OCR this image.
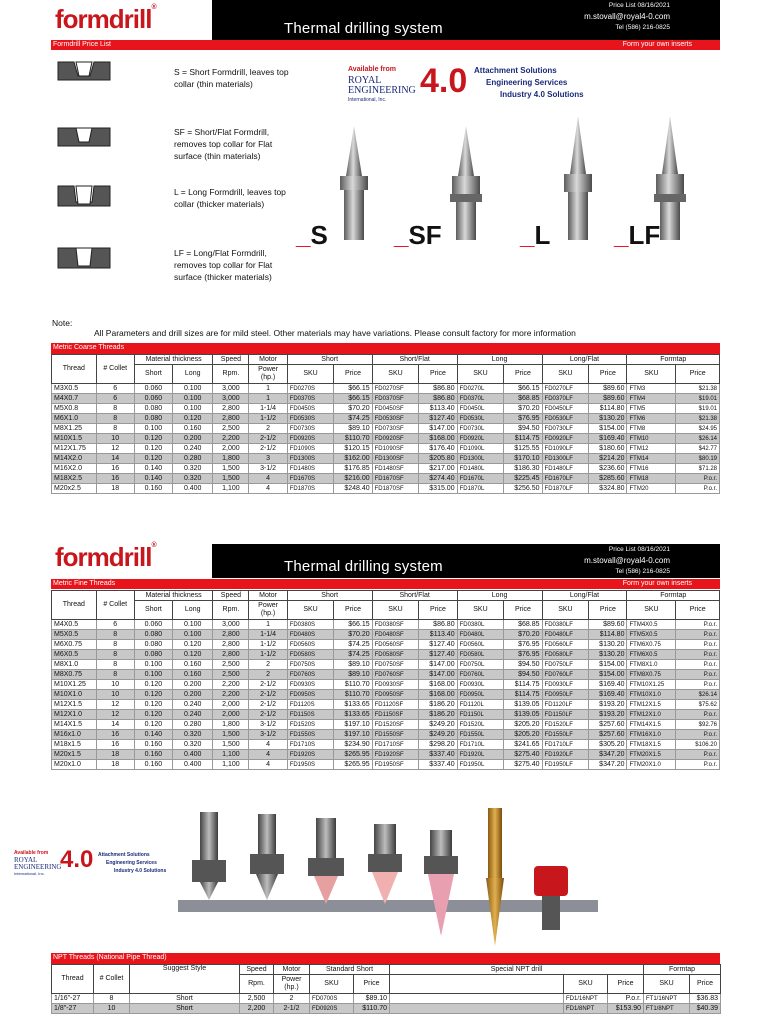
formdrill®
Thermal drilling system
Price List 08/16/2021
m.stovall@royal4-0.com
Tel (586) 216-0825
Formdrill Price List	Form your own inserts
S = Short Formdrill, leaves top collar (thin materials)
SF = Short/Flat Formdrill, removes top collar for Flat surface (thin materials)
L = Long Formdrill, leaves top collar (thicker materials)
LF = Long/Flat Formdrill, removes top collar for Flat surface (thicker materials)
Available from
ROYAL
ENGINEERING
International, Inc. 4.0 Attachment Solutions
Engineering Services
Industry 4.0 Solutions
_S	_SF	_L _LF
Note:
All Parameters and drill sizes are for mild steel. Other materials may have variations. Please consult factory for more information
Metric Coarse Threads
Thread	# Collet	Material thickness		Speed	Motor	Short		Short/Flat		Long		Long/Flat		Formtap	
		Short	Long	Rpm.	Power (hp.)	SKU	Price	SKU	Price	SKU	Price	SKU	Price	SKU	Price
M3X0.5	6	0.060	0.100	3,000	1	FD0270S	$66.15	FD0270SF	$86.80	FD0270L	$66.15	FD0270LF	$89.60	FTM3	$21.38
M4X0.7	6	0.060	0.100	3,000	1	FD0370S	$66.15	FD0370SF	$86.80	FD0370L	$68.85	FD0370LF	$89.60	FTM4	$19.01
M5X0.8	8	0.080	0.100	2,800	1-1/4	FD0450S	$70.20	FD0450SF	$113.40	FD0450L	$70.20	FD0450LF	$114.80	FTM5	$19.01
M6X1.0	8	0.080	0.120	2,800	1-1/2	FD0530S	$74.25	FD0530SF	$127.40	FD0530L	$76.95	FD0530LF	$130.20	FTM6	$21.38
M8X1.25	8	0.100	0.160	2,500	2	FD0730S	$89.10	FD0730SF	$147.00	FD0730L	$94.50	FD0730LF	$154.00	FTM8	$24.95
M10X1.5	10	0.120	0.200	2,200	2-1/2	FD0920S	$110.70	FD0920SF	$168.00	FD0920L	$114.75	FD0920LF	$169.40	FTM10	$26.14
M12X1.75	12	0.120	0.240	2,000	2-1/2	FD1090S	$120.15	FD1090SF	$176.40	FD1090L	$125.55	FD1090LF	$180.60	FTM12	$42.77
M14X2.0	14	0.120	0.280	1,800	3	FD1300S	$162.00	FD1300SF	$205.80	FD1300L	$170.10	FD1300LF	$214.20	FTM14	$80.19
M16X2.0	16	0.140	0.320	1,500	3-1/2	FD1480S	$176.85	FD1480SF	$217.00	FD1480L	$186.30	FD1480LF	$236.60	FTM16	$71.28
M18X2.5	16	0.140	0.320	1,500	4	FD1670S	$216.00	FD1670SF	$274.40	FD1670L	$225.45	FD1670LF	$285.60	FTM18	P.o.r.
M20x2.5	18	0.160	0.400	1,100	4	FD1870S	$248.40	FD1870SF	$315.00	FD1870L	$256.50	FD1870LF	$324.80	FTM20	P.o.r.
formdrill®
Thermal drilling system
Price List 08/16/2021
m.stovall@royal4-0.com
Tel (586) 216-0825
Metric Fine Threads	Form your own inserts
Thread	# Collet	Material thickness		Speed	Motor	Short		Short/Flat		Long		Long/Flat		Formtap	
		Short	Long	Rpm.	Power (hp.)	SKU	Price	SKU	Price	SKU	Price	SKU	Price	SKU	Price
M4X0.5	6	0.060	0.100	3,000	1	FD0380S	$66.15	FD0380SF	$86.80	FD0380L	$68.85	FD0380LF	$89.60	FTM4X0.5	P.o.r.
M5X0.5	8	0.080	0.100	2,800	1-1/4	FD0480S	$70.20	FD0480SF	$113.40	FD0480L	$70.20	FD0480LF	$114.80	FTM5X0.5	P.o.r.
M6X0.75	8	0.080	0.120	2,800	1-1/2	FD0560S	$74.25	FD0560SF	$127.40	FD0560L	$76.95	FD0560LF	$130.20	FTM6X0.75	P.o.r.
M6X0.5	8	0.080	0.120	2,800	1-1/2	FD0580S	$74.25	FD0580SF	$127.40	FD0580L	$76.95	FD0580LF	$130.20	FTM6X0.5	P.o.r.
M8X1.0	8	0.100	0.160	2,500	2	FD0750S	$89.10	FD0750SF	$147.00	FD0750L	$94.50	FD0750LF	$154.00	FTM8X1.0	P.o.r.
M8X0.75	8	0.100	0.160	2,500	2	FD0760S	$89.10	FD0760SF	$147.00	FD0760L	$94.50	FD0760LF	$154.00	FTM8X0.75	P.o.r.
M10X1.25	10	0.120	0.200	2,200	2-1/2	FD0930S	$110.70	FD0930SF	$168.00	FD0930L	$114.75	FD0930LF	$169.40	FTM10X1.25	P.o.r.
M10X1.0	10	0.120	0.200	2,200	2-1/2	FD0950S	$110.70	FD0950SF	$168.00	FD0950L	$114.75	FD0950LF	$169.40	FTM10X1.0	$26.14
M12X1.5	12	0.120	0.240	2,000	2-1/2	FD1120S	$133.65	FD1120SF	$186.20	FD1120L	$139.05	FD1120LF	$193.20	FTM12X1.5	$75.62
M12X1.0	12	0.120	0.240	2,000	2-1/2	FD1150S	$133.65	FD1150SF	$186.20	FD1150L	$139.05	FD1150LF	$193.20	FTM12X1.0	P.o.r.
M14X1.5	14	0.120	0.280	1,800	3-1/2	FD1520S	$197.10	FD1520SF	$249.20	FD1520L	$205.20	FD1520LF	$257.60	FTM14X1.5	$92.76
M16x1.0	16	0.140	0.320	1,500	3-1/2	FD1550S	$197.10	FD1550SF	$249.20	FD1550L	$205.20	FD1550LF	$257.60	FTM16X1.0	P.o.r.
M18x1.5	16	0.160	0.320	1,500	4	FD1710S	$234.90	FD1710SF	$298.20	FD1710L	$241.65	FD1710LF	$305.20	FTM18X1.5	$106.20
M20x1.5	18	0.160	0.400	1,100	4	FD1920S	$265.95	FD1920SF	$337.40	FD1920L	$275.40	FD1920LF	$347.20	FTM20X1.5	P.o.r.
M20x1.0	18	0.160	0.400	1,100	4	FD1950S	$265.95	FD1950SF	$337.40	FD1950L	$275.40	FD1950LF	$347.20	FTM20X1.0	P.o.r.
Available from
ROYAL
ENGINEERING
International, Inc.
4.0 Attachment Solutions
Engineering Services
Industry 4.0 Solutions
NPT Threads (National Pipe Thread)
Thread	# Collet	Suggest Style	Speed	Motor	Standard Short		Special NPT drill			Formtap	
			Rpm.	Power (hp.)	SKU	Price		SKU	Price	SKU	Price
1/16"-27	8	Short	2,500	2	FD0700S	$89.10		FD1/16NPT	P.o.r.	FT1/16NPT	$36.83
1/8"-27	10	Short	2,200	2-1/2	FD0920S	$110.70		FD1/8NPT	$153.90	FT1/8NPT	$40.39
